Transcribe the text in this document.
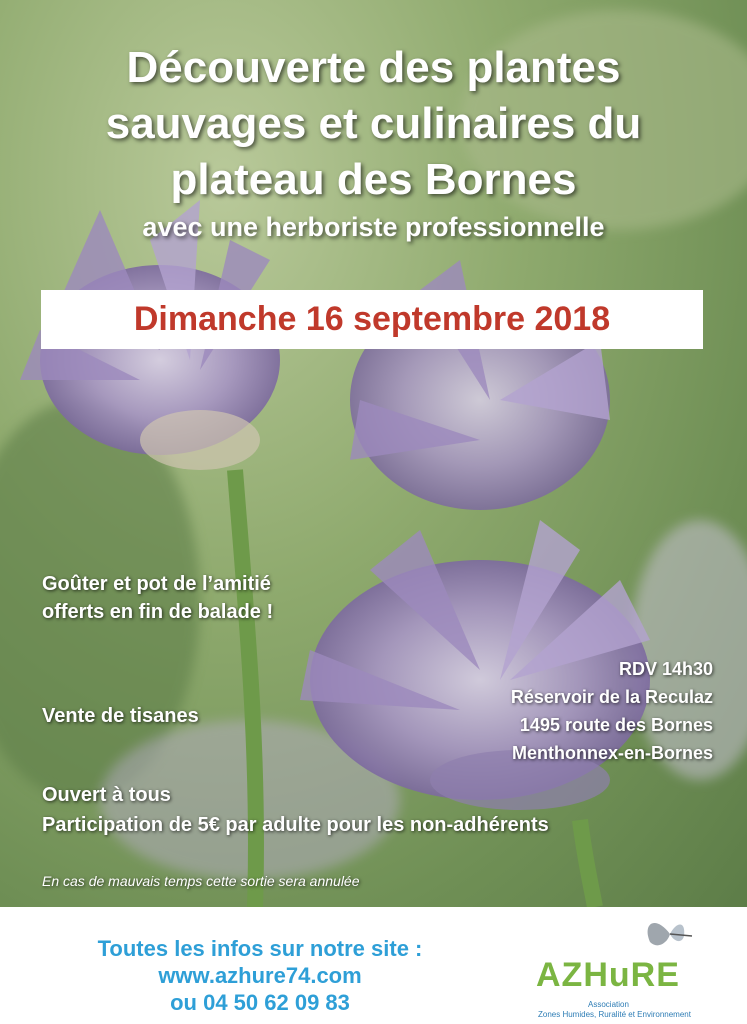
Découverte des plantes
sauvages et culinaires du
plateau des Bornes
avec une herboriste professionnelle
Dimanche 16 septembre 2018
Goûter et pot de l’amitié
offerts en fin de balade !
RDV 14h30
Réservoir de la Reculaz
1495 route des Bornes
Menthonnex-en-Bornes
Vente de tisanes
Ouvert à tous
Participation de 5€ par adulte pour les non-adhérents
En cas de mauvais temps cette sortie sera annulée
Toutes les infos sur notre site :
www.azhure74.com
ou 04 50 62 09 83
AZHuRE
Association
Zones Humides, Ruralité et Environnement
